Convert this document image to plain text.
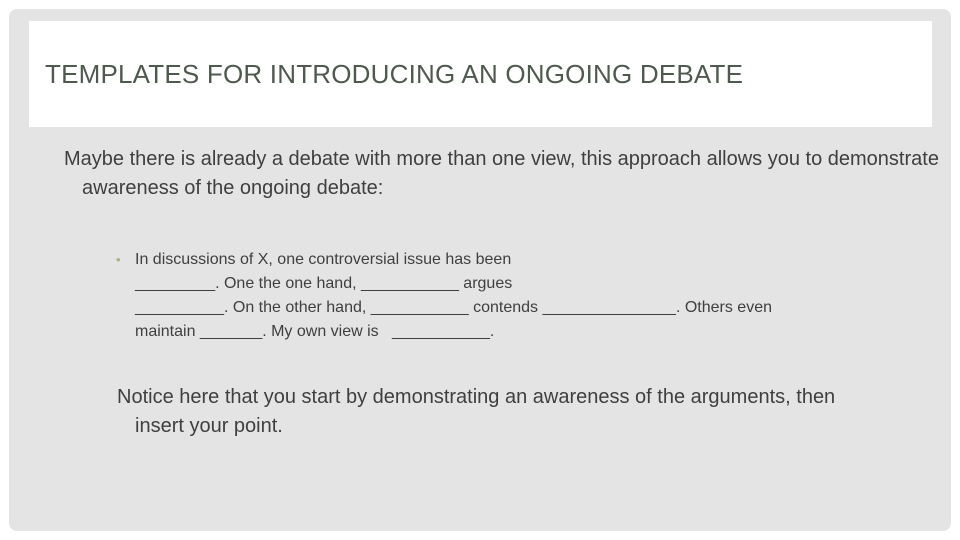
TEMPLATES FOR INTRODUCING AN ONGOING DEBATE

Maybe there is already a debate with more than one view, this approach allows you to demonstrate awareness of the ongoing debate:

• In discussions of X, one controversial issue has been
_________. One the one hand, ___________ argues
__________. On the other hand, ___________ contends _______________. Others even
maintain _______. My own view is   ___________.

Notice here that you start by demonstrating an awareness of the arguments, then insert your point.
